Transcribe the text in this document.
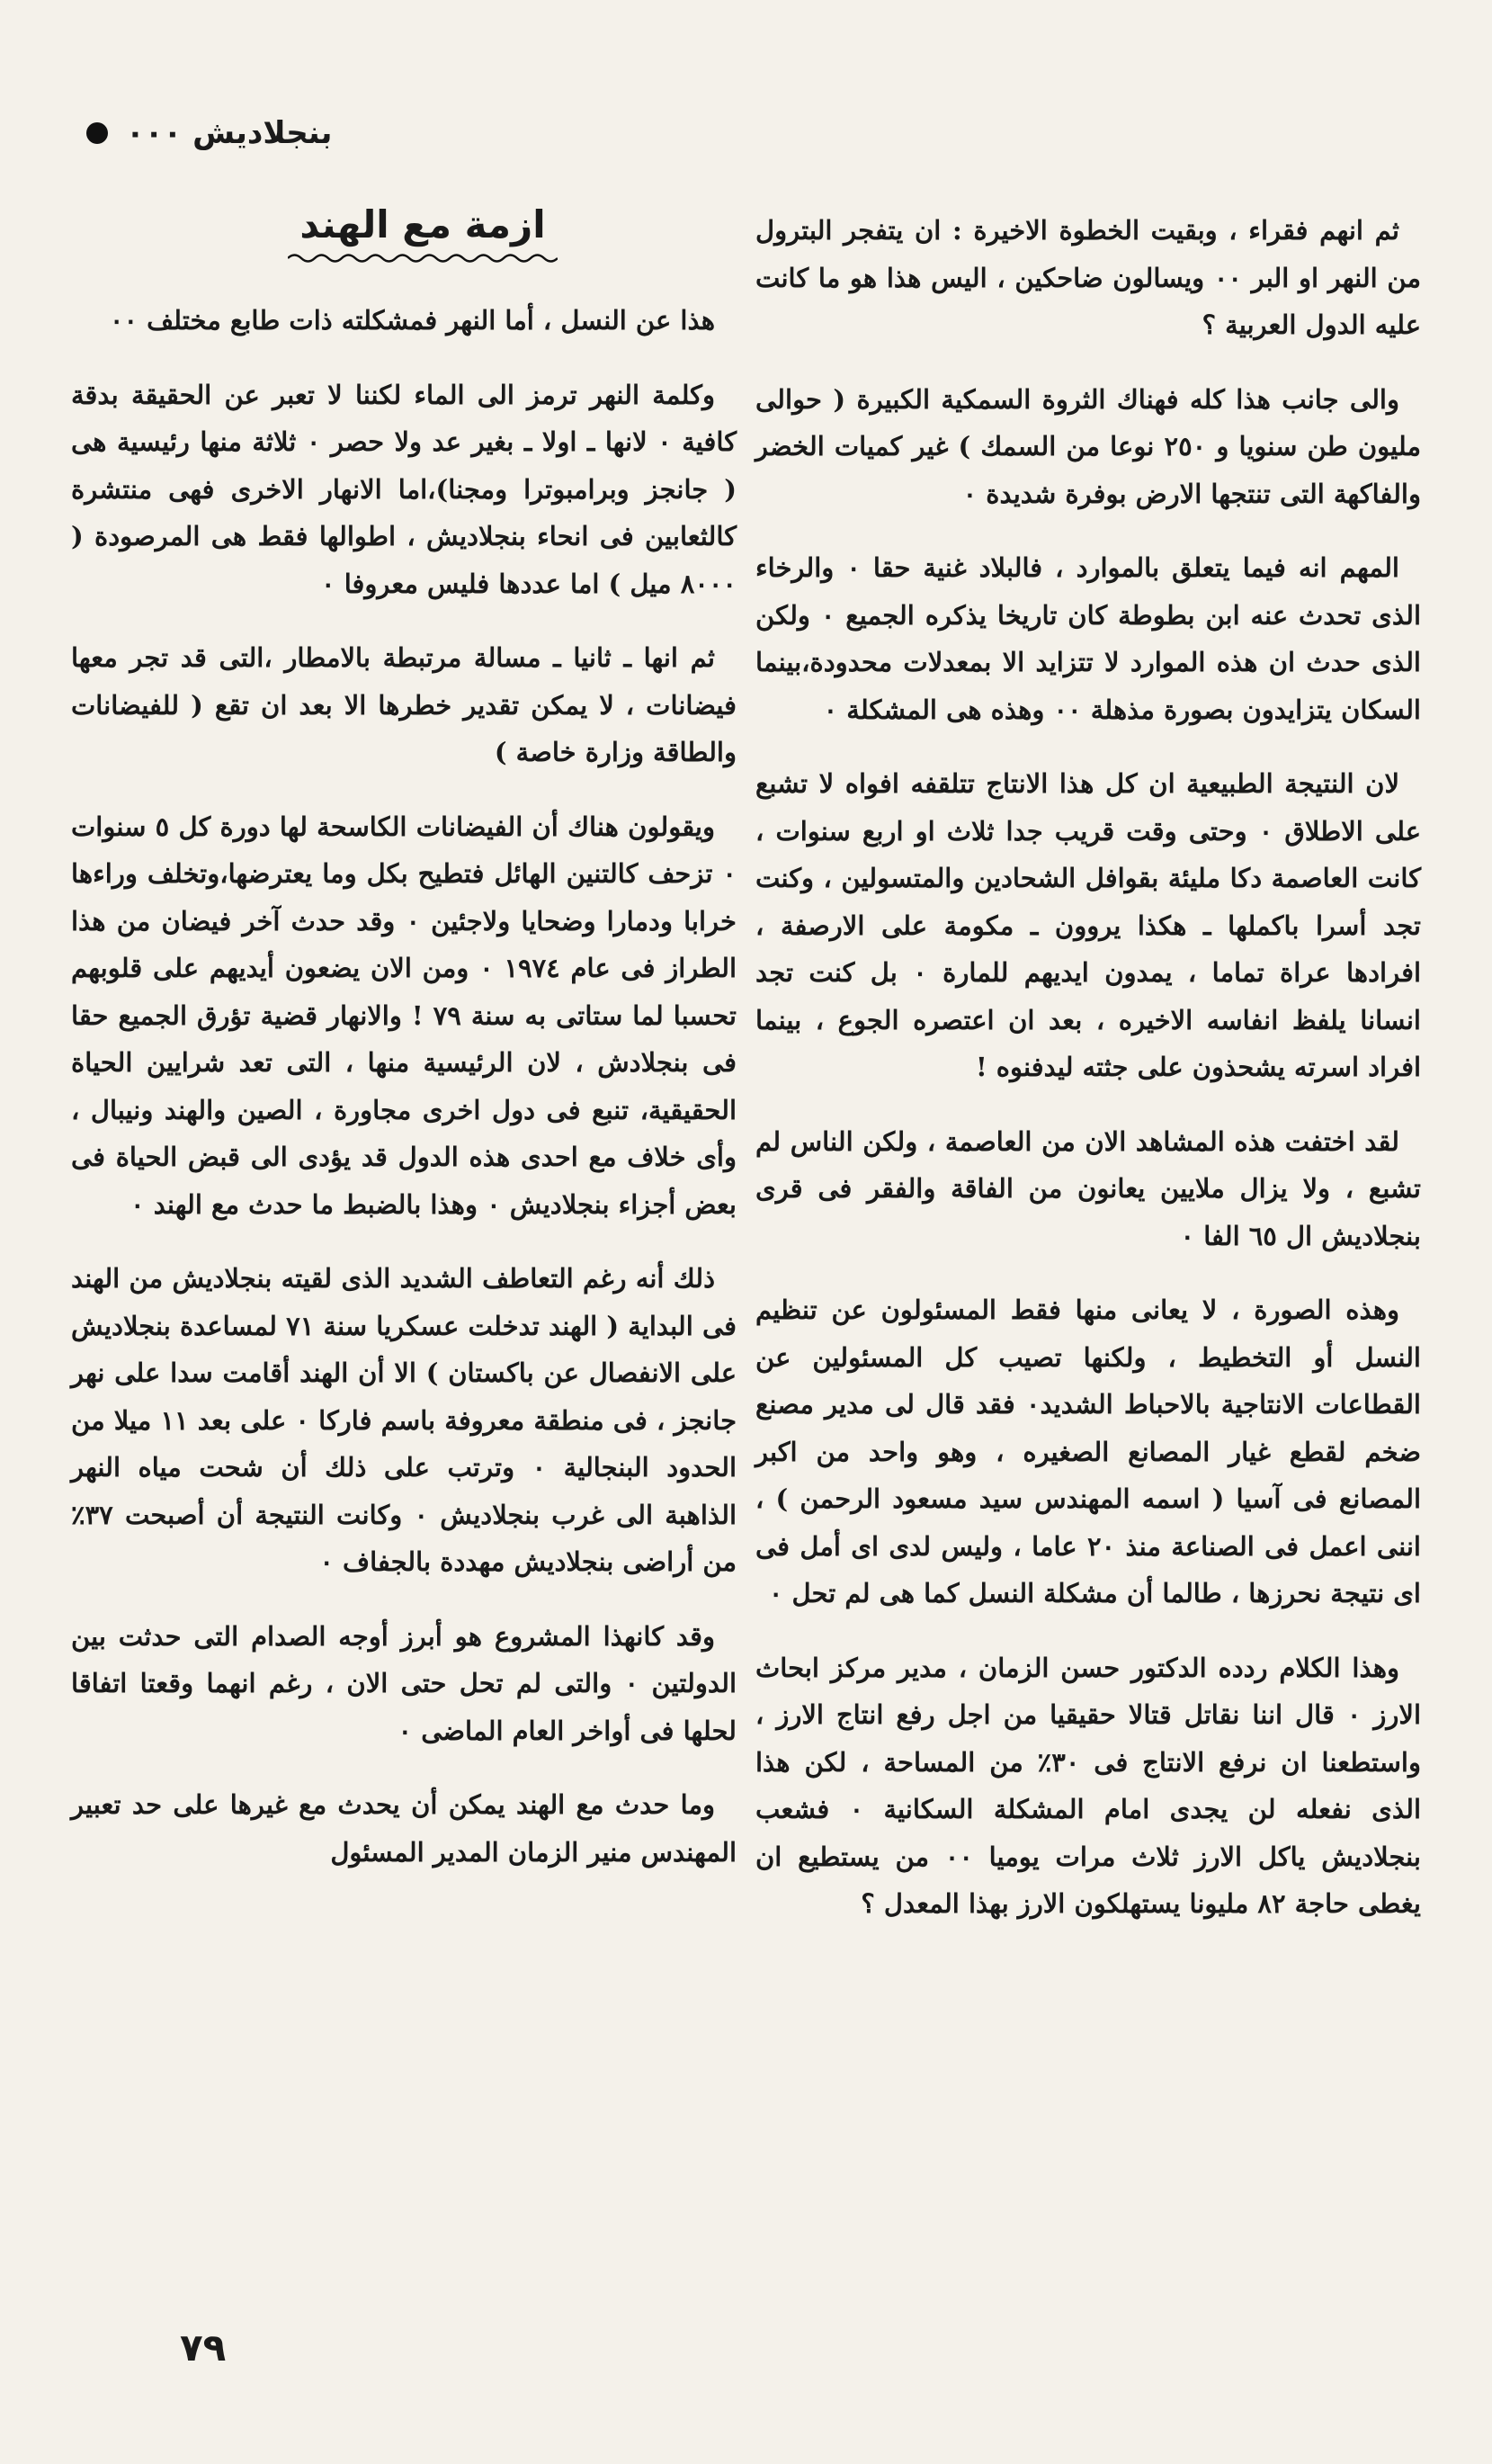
بنجلاديش ٠٠٠
ازمة مع الهند	ثم انهم فقراء ، وبقيت الخطوة الاخيرة : ان يتفجر البترول من النهر او البر ٠٠ ويسالون ضاحكين ، اليس هذا هو ما كانت عليه الدول العربية ؟

والى جانب هذا كله فهناك الثروة السمكية الكبيرة ( حوالى مليون طن سنويا و ٢٥٠ نوعا من السمك ) غير كميات الخضر والفاكهة التى تنتجها الارض بوفرة شديدة ٠

المهم انه فيما يتعلق بالموارد ، فالبلاد غنية حقا ٠ والرخاء الذى تحدث عنه ابن بطوطة كان تاريخا يذكره الجميع ٠ ولكن الذى حدث ان هذه الموارد لا تتزايد الا بمعدلات محدودة،بينما السكان يتزايدون بصورة مذهلة ٠٠ وهذه هى المشكلة ٠

لان النتيجة الطبيعية ان كل هذا الانتاج تتلقفه افواه لا تشبع على الاطلاق ٠ وحتى وقت قريب جدا ثلاث او اربع سنوات ، كانت العاصمة دكا مليئة بقوافل الشحادين والمتسولين ، وكنت تجد أسرا باكملها ـ هكذا يروون ـ مكومة على الارصفة ، افرادها عراة تماما ، يمدون ايديهم للمارة ٠ بل كنت تجد انسانا يلفظ انفاسه الاخيره ، بعد ان اعتصره الجوع ، بينما افراد اسرته يشحذون على جثته ليدفنوه !

لقد اختفت هذه المشاهد الان من العاصمة ، ولكن الناس لم تشبع ، ولا يزال ملايين يعانون من الفاقة والفقر فى قرى بنجلاديش ال ٦٥ الفا ٠

وهذه الصورة ، لا يعانى منها فقط المسئولون عن تنظيم النسل أو التخطيط ، ولكنها تصيب كل المسئولين عن القطاعات الانتاجية بالاحباط الشديد٠ فقد قال لى مدير مصنع ضخم لقطع غيار المصانع الصغيره ، وهو واحد من اكبر المصانع فى آسيا ( اسمه المهندس سيد مسعود الرحمن ) ، اننى اعمل فى الصناعة منذ ٢٠ عاما ، وليس لدى اى أمل فى اى نتيجة نحرزها ، طالما أن مشكلة النسل كما هى لم تحل ٠

وهذا الكلام ردده الدكتور حسن الزمان ، مدير مركز ابحاث الارز ٠ قال اننا نقاتل قتالا حقيقيا من اجل رفع انتاج الارز ، واستطعنا ان نرفع الانتاج فى ٣٠٪ من المساحة ، لكن هذا الذى نفعله لن يجدى امام المشكلة السكانية ٠ فشعب بنجلاديش ياكل الارز ثلاث مرات يوميا ٠٠ من يستطيع ان يغطى حاجة ٨٢ مليونا يستهلكون الارز بهذا المعدل ؟

هذا عن النسل ، أما النهر فمشكلته ذات طابع مختلف ٠٠

وكلمة النهر ترمز الى الماء لكننا لا تعبر عن الحقيقة بدقة كافية ٠ لانها ـ اولا ـ بغير عد ولا حصر ٠ ثلاثة منها رئيسية هى ( جانجز وبرامبوترا ومجنا)،اما الانهار الاخرى فهى منتشرة كالثعابين فى انحاء بنجلاديش ، اطوالها فقط هى المرصودة ( ٨٠٠٠ ميل ) اما عددها فليس معروفا ٠

ثم انها ـ ثانيا ـ مسالة مرتبطة بالامطار ،التى قد تجر معها فيضانات ، لا يمكن تقدير خطرها الا بعد ان تقع ( للفيضانات والطاقة وزارة خاصة )

ويقولون هناك أن الفيضانات الكاسحة لها دورة كل ٥ سنوات ٠ تزحف كالتنين الهائل فتطيح بكل وما يعترضها،وتخلف وراءها خرابا ودمارا وضحايا ولاجئين ٠ وقد حدث آخر فيضان من هذا الطراز فى عام ١٩٧٤ ٠ ومن الان يضعون أيديهم على قلوبهم تحسبا لما ستاتى به سنة ٧٩ ! والانهار قضية تؤرق الجميع حقا فى بنجلادش ، لان الرئيسية منها ، التى تعد شرايين الحياة الحقيقية، تنبع فى دول اخرى مجاورة ، الصين والهند ونيبال ، وأى خلاف مع احدى هذه الدول قد يؤدى الى قبض الحياة فى بعض أجزاء بنجلاديش ٠ وهذا بالضبط ما حدث مع الهند ٠

ذلك أنه رغم التعاطف الشديد الذى لقيته بنجلاديش من الهند فى البداية ( الهند تدخلت عسكريا سنة ٧١ لمساعدة بنجلاديش على الانفصال عن باكستان ) الا أن الهند أقامت سدا على نهر جانجز ، فى منطقة معروفة باسم فاركا ٠ على بعد ١١ ميلا من الحدود البنجالية ٠ وترتب على ذلك أن شحت مياه النهر الذاهبة الى غرب بنجلاديش ٠ وكانت النتيجة أن أصبحت ٣٧٪ من أراضى بنجلاديش مهددة بالجفاف ٠

وقد كانهذا المشروع هو أبرز أوجه الصدام التى حدثت بين الدولتين ٠ والتى لم تحل حتى الان ، رغم انهما وقعتا اتفاقا لحلها فى أواخر العام الماضى ٠

وما حدث مع الهند يمكن أن يحدث مع غيرها على حد تعبير المهندس منير الزمان المدير المسئول

٧٩
